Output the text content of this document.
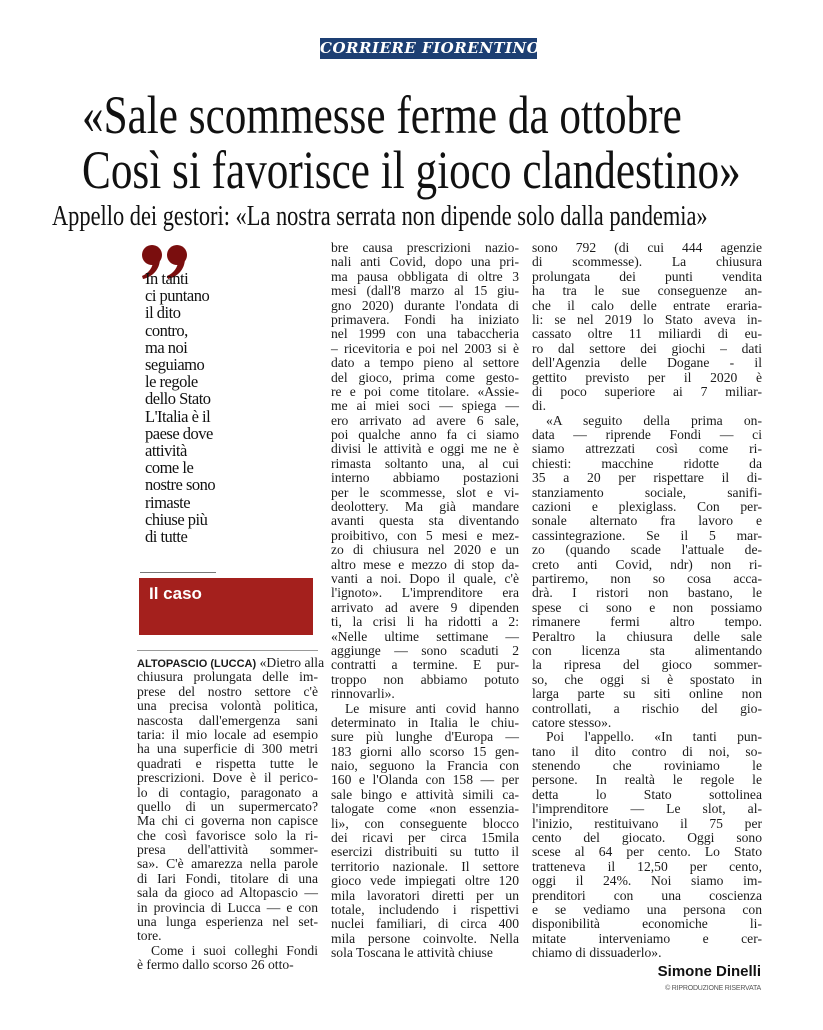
CORRIERE FIORENTINO
«Sale scommesse ferme da ottobre
Così si favorisce il gioco clandestino»
Appello dei gestori: «La nostra serrata non dipende solo dalla pandemia»
In tanti
ci puntano
il dito
contro,
ma noi
seguiamo
le regole
dello Stato
L'Italia è il
paese dove
attività
come le
nostre sono
rimaste
chiuse più
di tutte
Il caso
ALTOPASCIO (LUCCA) «Dietro alla
chiusura prolungata delle im-
prese del nostro settore c'è
una precisa volontà politica,
nascosta dall'emergenza sani
taria: il mio locale ad esempio
ha una superficie di 300 metri
quadrati e rispetta tutte le
prescrizioni. Dove è il perico-
lo di contagio, paragonato a
quello di un supermercato?
Ma chi ci governa non capisce
che così favorisce solo la ri-
presa dell'attività sommer-
sa». C'è amarezza nella parole
di Iari Fondi, titolare di una
sala da gioco ad Altopascio —
in provincia di Lucca — e con
una lunga esperienza nel set-
tore.
Come i suoi colleghi Fondi
è fermo dallo scorso 26 otto-
bre causa prescrizioni nazio-
nali anti Covid, dopo una pri-
ma pausa obbligata di oltre 3
mesi (dall'8 marzo al 15 giu-
gno 2020) durante l'ondata di
primavera. Fondi ha iniziato
nel 1999 con una tabaccheria
– ricevitoria e poi nel 2003 si è
dato a tempo pieno al settore
del gioco, prima come gesto-
re e poi come titolare. «Assie-
me ai miei soci — spiega —
ero arrivato ad avere 6 sale,
poi qualche anno fa ci siamo
divisi le attività e oggi me ne è
rimasta soltanto una, al cui
interno abbiamo postazioni
per le scommesse, slot e vi-
deolottery. Ma già mandare
avanti questa sta diventando
proibitivo, con 5 mesi e mez-
zo di chiusura nel 2020 e un
altro mese e mezzo di stop da-
vanti a noi. Dopo il quale, c'è
l'ignoto». L'imprenditore era
arrivato ad avere 9 dipenden
ti, la crisi li ha ridotti a 2:
«Nelle ultime settimane —
aggiunge — sono scaduti 2
contratti a termine. E pur-
troppo non abbiamo potuto
rinnovarli».
Le misure anti covid hanno
determinato in Italia le chiu-
sure più lunghe d'Europa —
183 giorni allo scorso 15 gen-
naio, seguono la Francia con
160 e l'Olanda con 158 — per
sale bingo e attività simili ca-
talogate come «non essenzia-
li», con conseguente blocco
dei ricavi per circa 15mila
esercizi distribuiti su tutto il
territorio nazionale. Il settore
gioco vede impiegati oltre 120
mila lavoratori diretti per un
totale, includendo i rispettivi
nuclei familiari, di circa 400
mila persone coinvolte. Nella
sola Toscana le attività chiuse
sono 792 (di cui 444 agenzie
di scommesse). La chiusura
prolungata dei punti vendita
ha tra le sue conseguenze an-
che il calo delle entrate eraria-
li: se nel 2019 lo Stato aveva in-
cassato oltre 11 miliardi di eu-
ro dal settore dei giochi – dati
dell'Agenzia delle Dogane - il
gettito previsto per il 2020 è
di poco superiore ai 7 miliar-
di.
«A seguito della prima on-
data — riprende Fondi — ci
siamo attrezzati così come ri-
chiesti: macchine ridotte da
35 a 20 per rispettare il di-
stanziamento sociale, sanifi-
cazioni e plexiglass. Con per-
sonale alternato fra lavoro e
cassintegrazione. Se il 5 mar-
zo (quando scade l'attuale de-
creto anti Covid, ndr) non ri-
partiremo, non so cosa acca-
drà. I ristori non bastano, le
spese ci sono e non possiamo
rimanere fermi altro tempo.
Peraltro la chiusura delle sale
con licenza sta alimentando
la ripresa del gioco sommer-
so, che oggi si è spostato in
larga parte su siti online non
controllati, a rischio del gio-
catore stesso».
Poi l'appello. «In tanti pun-
tano il dito contro di noi, so-
stenendo che roviniamo le
persone. In realtà le regole le
detta lo Stato sottolinea
l'imprenditore — Le slot, al-
l'inizio, restituivano il 75 per
cento del giocato. Oggi sono
scese al 64 per cento. Lo Stato
tratteneva il 12,50 per cento,
oggi il 24%. Noi siamo im-
prenditori con una coscienza
e se vediamo una persona con
disponibilità economiche li-
mitate interveniamo e cer-
chiamo di dissuaderlo».
Simone Dinelli
© RIPRODUZIONE RISERVATA
